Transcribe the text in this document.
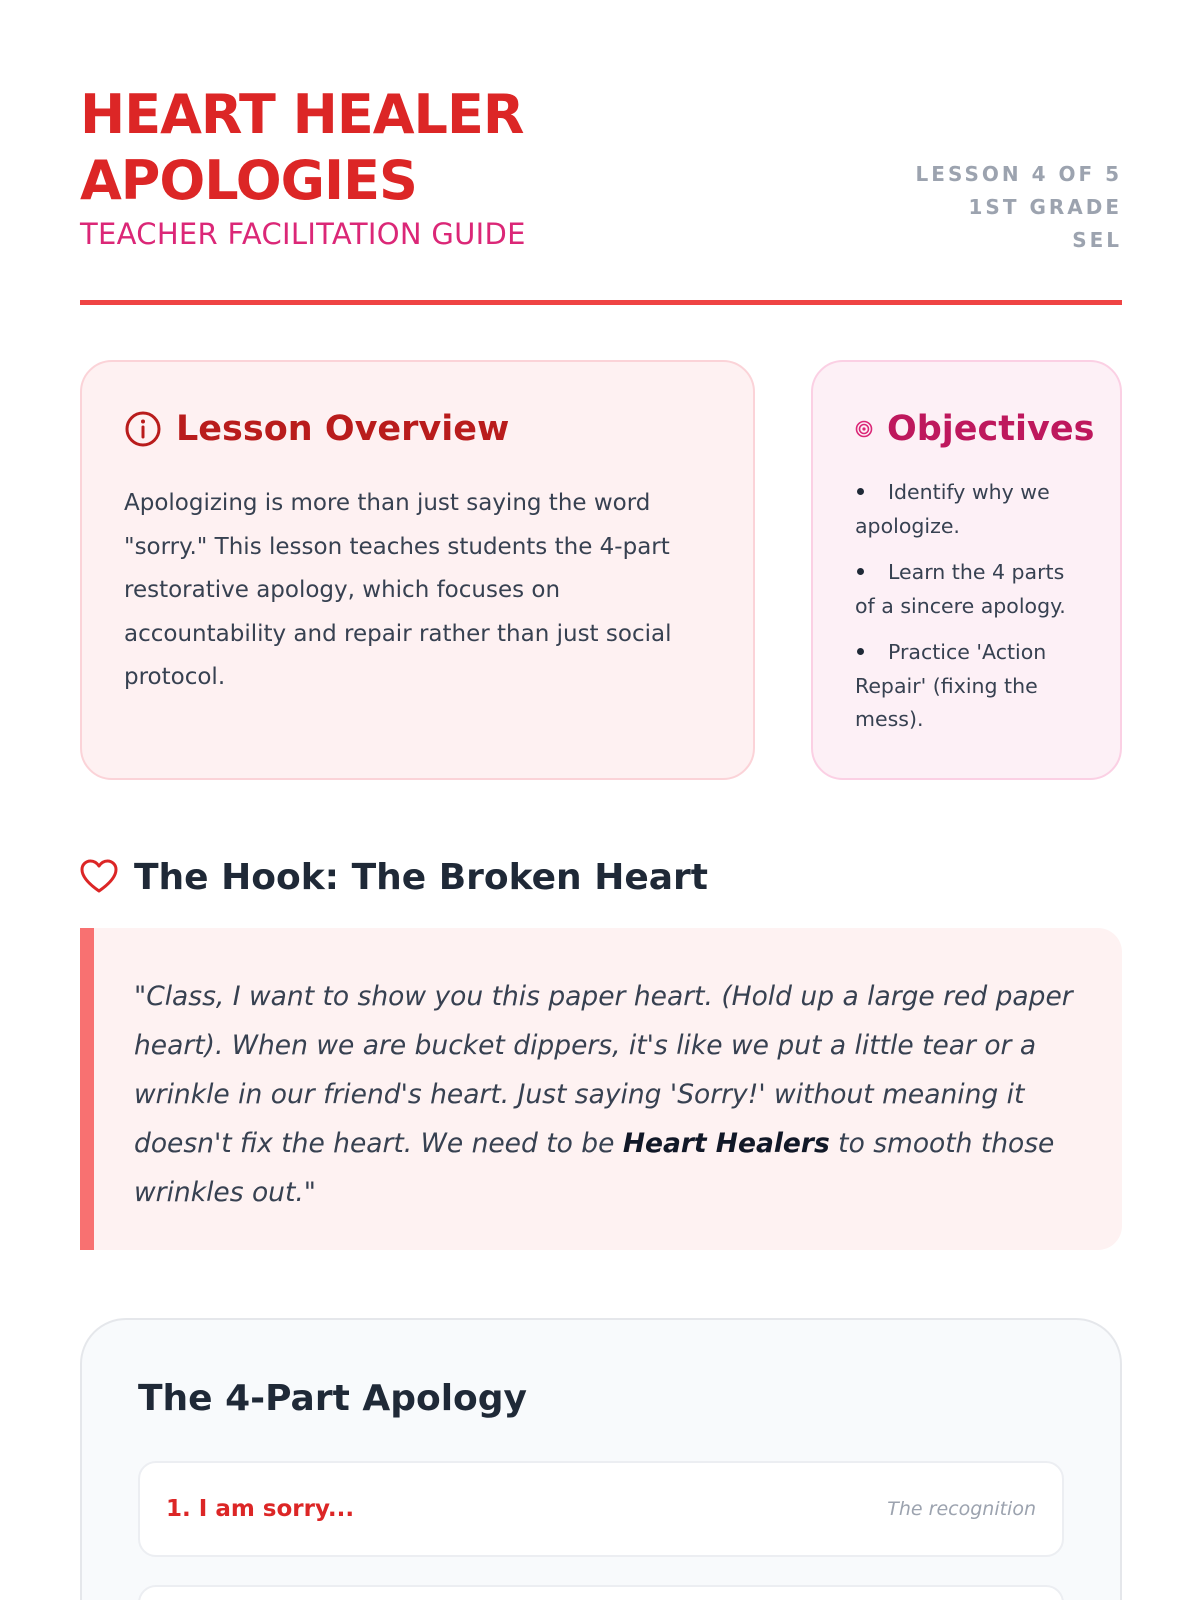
HEART HEALER APOLOGIES
TEACHER FACILITATION GUIDE
LESSON 4 OF 5
1ST GRADE
SEL
Lesson Overview

Apologizing is more than just saying the word "sorry." This lesson teaches students the 4-part restorative apology, which focuses on accountability and repair rather than just social protocol.

Objectives
Identify why we apologize.
Learn the 4 parts of a sincere apology.
Practice 'Action Repair' (fixing the mess).
The Hook: The Broken Heart

"Class, I want to show you this paper heart. (Hold up a large red paper heart). When we are bucket dippers, it's like we put a little tear or a wrinkle in our friend's heart. Just saying 'Sorry!' without meaning it doesn't fix the heart. We need to be Heart Healers to smooth those wrinkles out."

The 4-Part Apology
1. I am sorry...	The recognition
